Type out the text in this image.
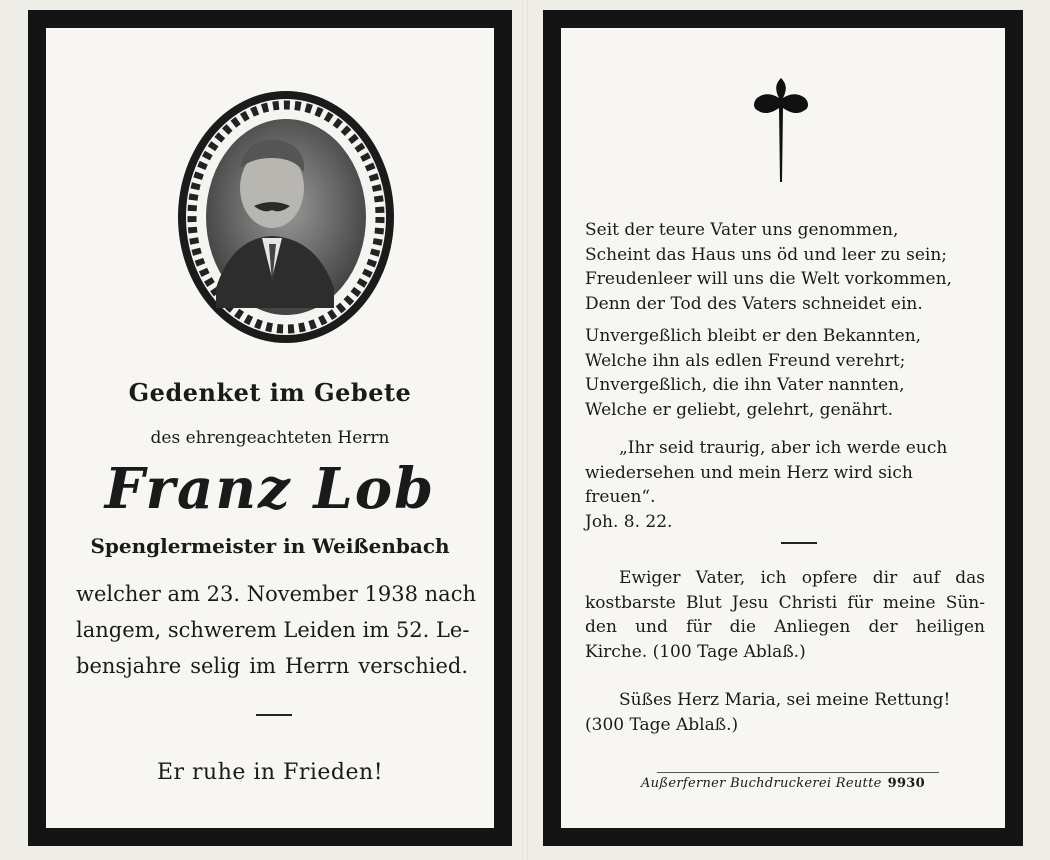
Gedenket im Gebete
des ehrengeachteten Herrn
Franz Lob
Spenglermeister in Weißenbach
welcher am 23. November 1938 nach
langem, schwerem Leiden im 52. Le-
bensjahre selig im Herrn verschied.
Er ruhe in Frieden!
Seit der teure Vater uns genommen,
Scheint das Haus uns öd und leer zu sein;
Freudenleer will uns die Welt vorkommen,
Denn der Tod des Vaters schneidet ein.
Unvergeßlich bleibt er den Bekannten,
Welche ihn als edlen Freund verehrt;
Unvergeßlich, die ihn Vater nannten,
Welche er geliebt, gelehrt, genährt.
„Ihr seid traurig, aber ich werde euch
wiedersehen und mein Herz wird sich freuen“.
Joh. 8. 22.
Ewiger Vater, ich opfere dir auf das
kostbarste Blut Jesu Christi für meine Sün-
den und für die Anliegen der heiligen
Kirche. (100 Tage Ablaß.)
Süßes Herz Maria, sei meine Rettung!
(300 Tage Ablaß.)
Außerferner Buchdruckerei Reutte 9930
